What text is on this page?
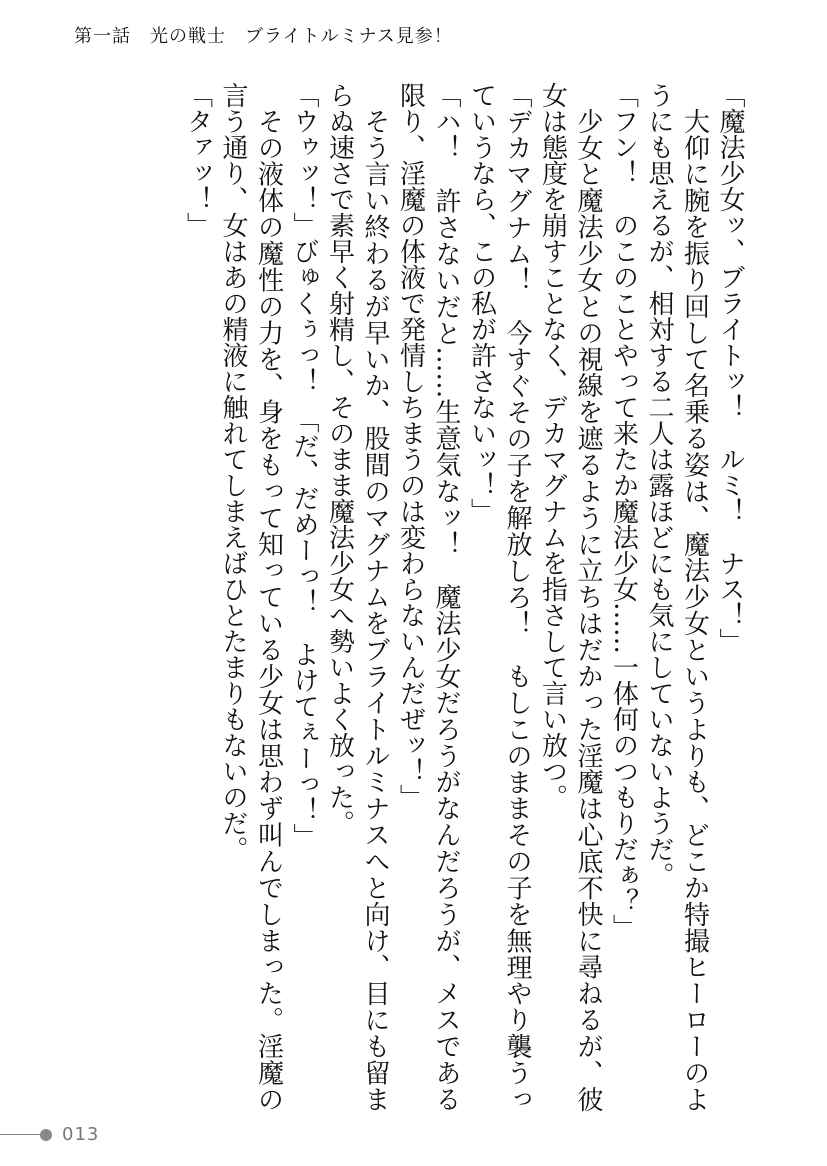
第一話　光の戦士　ブライトルミナス見参！

「魔法少女ッ、ブライトッ！　ルミ！　ナス！」

大仰に腕を振り回して名乗る姿は、魔法少女というよりも、どこか特撮ヒーローのようにも思えるが、相対する二人は露ほどにも気にしていないようだ。

「フン！　のこのことやって来たか魔法少女……一体何のつもりだぁ？」

少女と魔法少女との視線を遮るように立ちはだかった淫魔は心底不快に尋ねるが、彼女は態度を崩すことなく、デカマグナムを指さして言い放つ。

「デカマグナム！　今すぐその子を解放しろ！　もしこのままその子を無理やり襲うっていうなら、この私が許さないッ！」

「ハ！　許さないだと……生意気なッ！　魔法少女だろうがなんだろうが、メスである限り、淫魔の体液で発情しちまうのは変わらないんだぜッ！」

そう言い終わるが早いか、股間のマグナムをブライトルミナスへと向け、目にも留まらぬ速さで素早く射精し、そのまま魔法少女へ勢いよく放った。

「ウゥッ！」びゅくぅっ！　「だ、だめーっ！　よけてぇーっ！」

その液体の魔性の力を、身をもって知っている少女は思わず叫んでしまった。淫魔の言う通り、女はあの精液に触れてしまえばひとたまりもないのだ。

「タァッ！」

013
